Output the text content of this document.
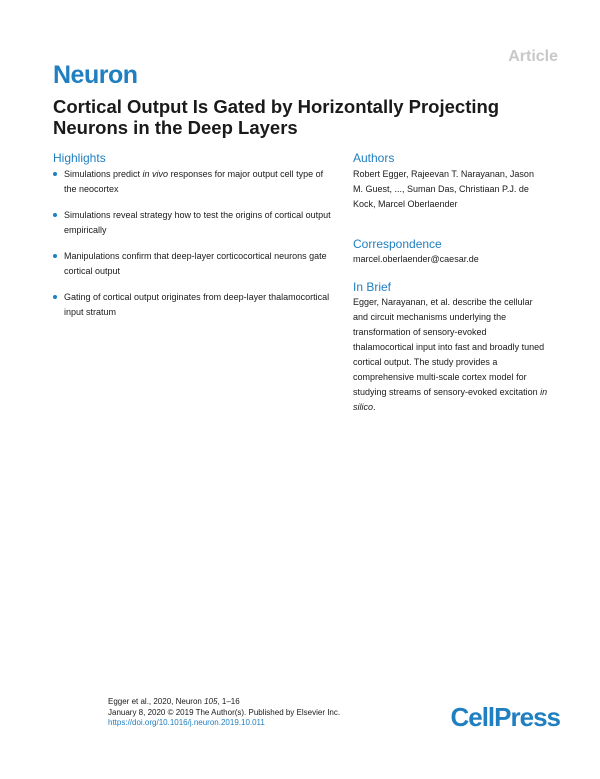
Article
Neuron
Cortical Output Is Gated by Horizontally Projecting Neurons in the Deep Layers
Highlights
Simulations predict in vivo responses for major output cell type of the neocortex
Simulations reveal strategy how to test the origins of cortical output empirically
Manipulations confirm that deep-layer corticocortical neurons gate cortical output
Gating of cortical output originates from deep-layer thalamocortical input stratum
Authors
Robert Egger, Rajeevan T. Narayanan, Jason M. Guest, ..., Suman Das, Christiaan P.J. de Kock, Marcel Oberlaender
Correspondence
marcel.oberlaender@caesar.de
In Brief
Egger, Narayanan, et al. describe the cellular and circuit mechanisms underlying the transformation of sensory-evoked thalamocortical input into fast and broadly tuned cortical output. The study provides a comprehensive multi-scale cortex model for studying streams of sensory-evoked excitation in silico.
Egger et al., 2020, Neuron 105, 1–16
January 8, 2020 © 2019 The Author(s). Published by Elsevier Inc.
https://doi.org/10.1016/j.neuron.2019.10.011	CellPress
